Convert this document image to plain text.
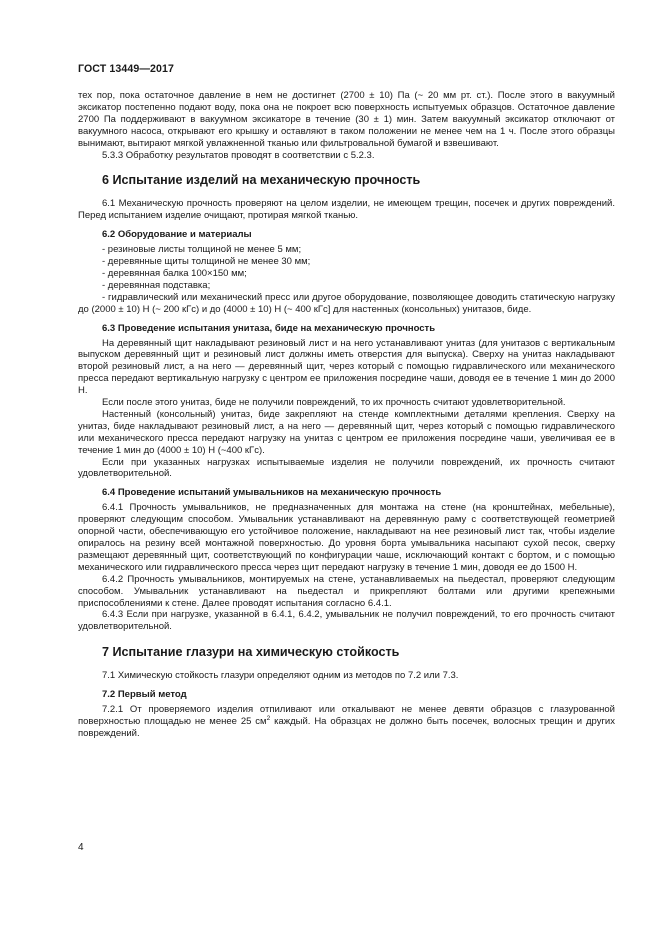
ГОСТ 13449—2017

тех пор, пока остаточное давление в нем не достигнет (2700 ± 10) Па (~ 20 мм рт. ст.). После этого в вакуумный эксикатор постепенно подают воду, пока она не покроет всю поверхность испытуемых образцов. Остаточное давление 2700 Па поддерживают в вакуумном эксикаторе в течение (30 ± 1) мин. Затем вакуумный эксикатор отключают от вакуумного насоса, открывают его крышку и оставляют в таком положении не менее чем на 1 ч. После этого образцы вынимают, вытирают мягкой увлажненной тканью или фильтровальной бумагой и взвешивают.

5.3.3 Обработку результатов проводят в соответствии с 5.2.3.

6 Испытание изделий на механическую прочность

6.1 Механическую прочность проверяют на целом изделии, не имеющем трещин, посечек и других повреждений. Перед испытанием изделие очищают, протирая мягкой тканью.

6.2 Оборудование и материалы

- резиновые листы толщиной не менее 5 мм;

- деревянные щиты толщиной не менее 30 мм;

- деревянная балка 100×150 мм;

- деревянная подставка;

- гидравлический или механический пресс или другое оборудование, позволяющее доводить статическую нагрузку до (2000 ± 10) Н (~ 200 кГс) и до (4000 ± 10) Н (~ 400 кГс] для настенных (консольных) унитазов, биде.

6.3 Проведение испытания унитаза, биде на механическую прочность

На деревянный щит накладывают резиновый лист и на него устанавливают унитаз (для унитазов с вертикальным выпуском деревянный щит и резиновый лист должны иметь отверстия для выпуска). Сверху на унитаз накладывают второй резиновый лист, а на него — деревянный щит, через который с помощью гидравлического или механического пресса передают вертикальную нагрузку с центром ее приложения посредине чаши, доводя ее в течение 1 мин до 2000 Н.

Если после этого унитаз, биде не получили повреждений, то их прочность считают удовлетворительной.

Настенный (консольный) унитаз, биде закрепляют на стенде комплектными деталями крепления. Сверху на унитаз, биде накладывают резиновый лист, а на него — деревянный щит, через который с помощью гидравлического или механического пресса передают нагрузку на унитаз с центром ее приложения посредине чаши, увеличивая ее в течение 1 мин до (4000 ± 10) Н (~400 кГс).

Если при указанных нагрузках испытываемые изделия не получили повреждений, их прочность считают удовлетворительной.

6.4 Проведение испытаний умывальников на механическую прочность

6.4.1 Прочность умывальников, не предназначенных для монтажа на стене (на кронштейнах, мебельные), проверяют следующим способом. Умывальник устанавливают на деревянную раму с соответствующей геометрией опорной части, обеспечивающую его устойчивое положение, накладывают на нее резиновый лист так, чтобы изделие опиралось на резину всей монтажной поверхностью. До уровня борта умывальника насыпают сухой песок, сверху размещают деревянный щит, соответствующий по конфигурации чаше, исключающий контакт с бортом, и с помощью механического или гидравлического пресса через щит передают нагрузку в течение 1 мин, доводя ее до 1500 Н.

6.4.2 Прочность умывальников, монтируемых на стене, устанавливаемых на пьедестал, проверяют следующим способом. Умывальник устанавливают на пьедестал и прикрепляют болтами или другими крепежными приспособлениями к стене. Далее проводят испытания согласно 6.4.1.

6.4.3 Если при нагрузке, указанной в 6.4.1, 6.4.2, умывальник не получил повреждений, то его прочность считают удовлетворительной.

7 Испытание глазури на химическую стойкость

7.1 Химическую стойкость глазури определяют одним из методов по 7.2 или 7.3.

7.2 Первый метод

7.2.1 От проверяемого изделия отпиливают или откалывают не менее девяти образцов с глазурованной поверхностью площадью не менее 25 $см^2$ каждый. На образцах не должно быть посечек, волосных трещин и других повреждений.

4
